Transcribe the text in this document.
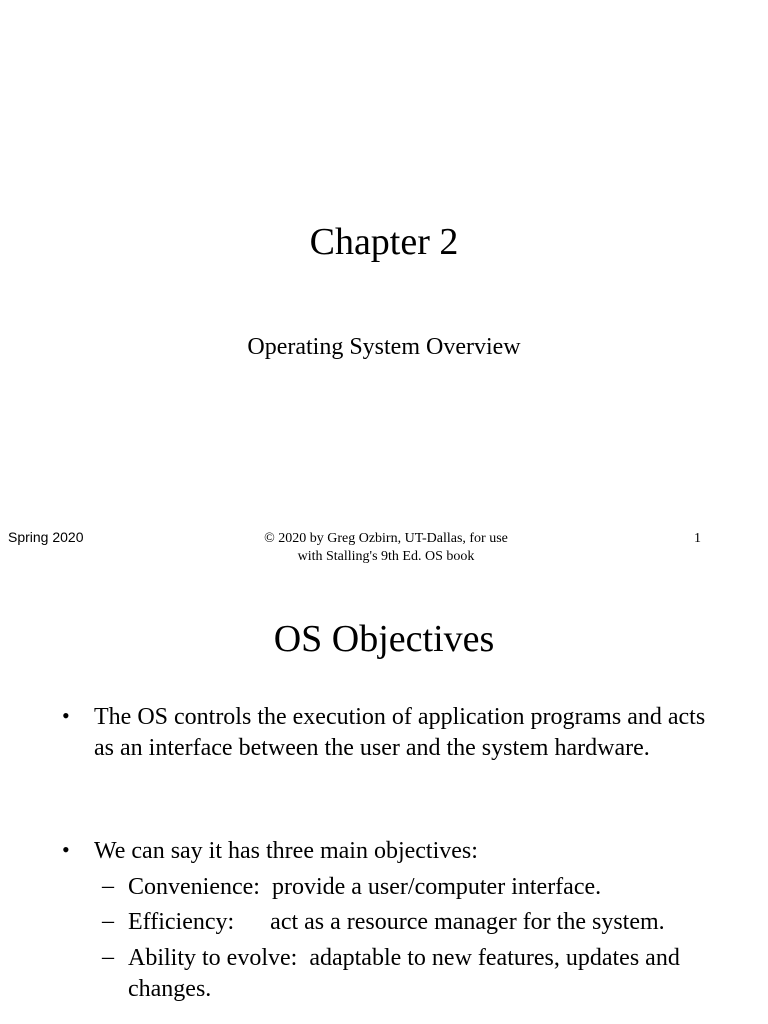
Chapter 2
Operating System Overview
Spring 2020	© 2020 by Greg Ozbirn, UT-Dallas, for use
with Stalling's 9th Ed. OS book
1
OS Objectives
• The OS controls the execution of application programs and acts as an interface between the user and the system hardware.
• We can say it has three main objectives:
– Convenience:  provide a user/computer interface.
– Efficiency:      act as a resource manager for the system.
– Ability to evolve:  adaptable to new features, updates and changes.
